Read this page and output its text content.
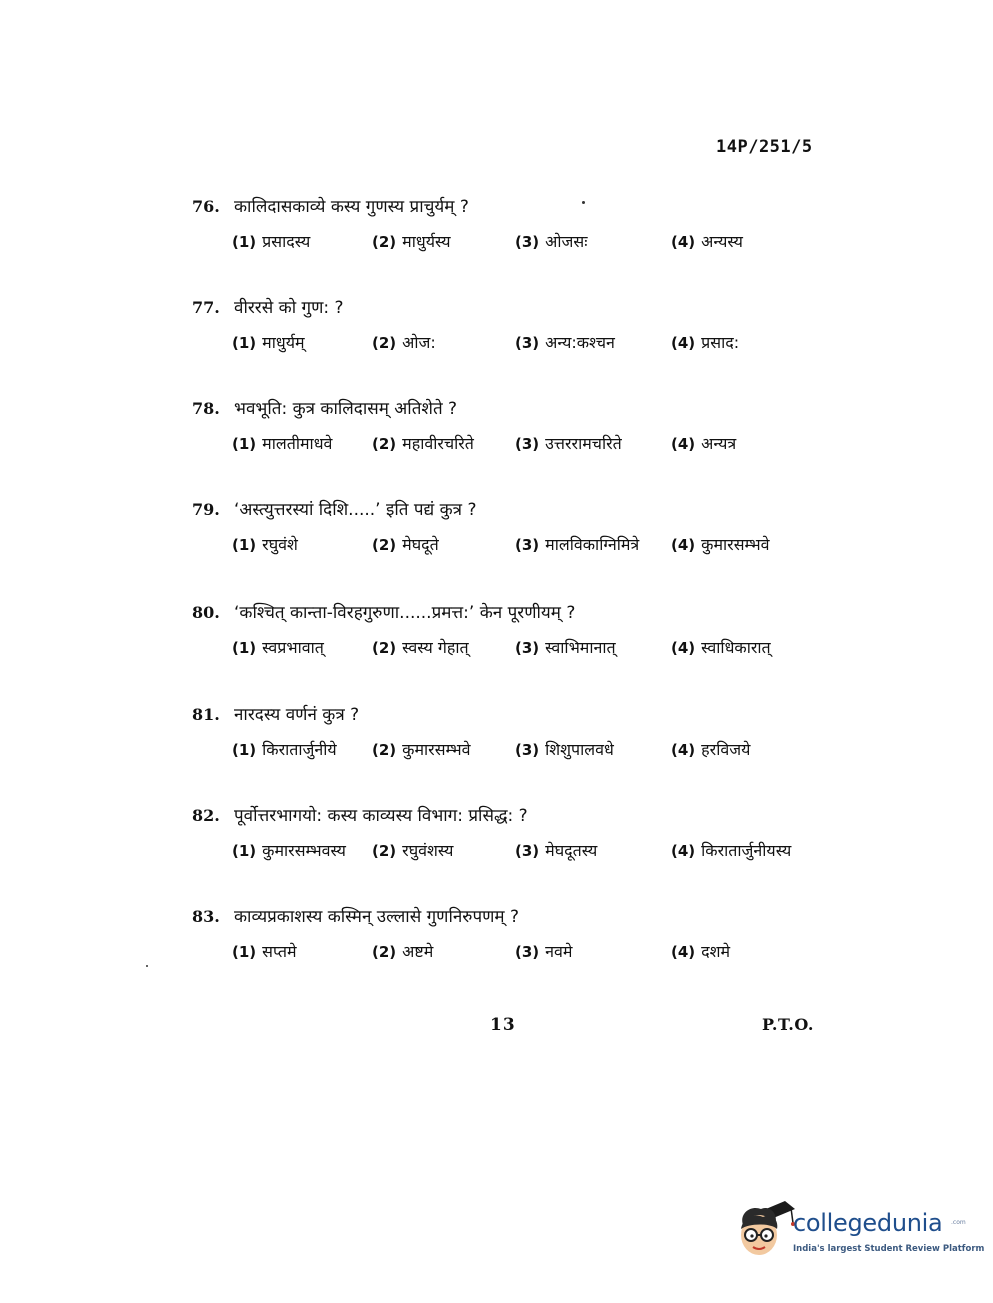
14P/251/5
76. कालिदासकाव्ये कस्य गुणस्य प्राचुर्यम् ?
(1) प्रसादस्य	(2) माधुर्यस्य	(3) ओजसः	(4) अन्यस्य
77. वीररसे को गुण: ?
(1) माधुर्यम्	(2) ओज:	(3) अन्य:कश्चन	(4) प्रसाद:
78. भवभूति: कुत्र कालिदासम् अतिशेते ?
(1) मालतीमाधवे	(2) महावीरचरिते	(3) उत्तररामचरिते	(4) अन्यत्र
79. ‘अस्त्युत्तरस्यां दिशि.....’ इति पद्यं कुत्र ?
(1) रघुवंशे	(2) मेघदूते	(3) मालविकाग्निमित्रे (4) कुमारसम्भवे
80. ‘कश्चित् कान्ता-विरहगुरुणा......प्रमत्त:’ केन पूरणीयम् ?
(1) स्वप्रभावात्	(2) स्वस्य गेहात्	(3) स्वाभिमानात्	(4) स्वाधिकारात्
81. नारदस्य वर्णनं कुत्र ?
(1) किरातार्जुनीये (2) कुमारसम्भवे	(3) शिशुपालवधे	(4) हरविजये
82. पूर्वोत्तरभागयो: कस्य काव्यस्य विभाग: प्रसिद्ध: ?
(1) कुमारसम्भवस्य (2) रघुवंशस्य	(3) मेघदूतस्य	(4) किरातार्जुनीयस्य
83. काव्यप्रकाशस्य कस्मिन् उल्लासे गुणनिरुपणम् ?
(1) सप्तमे	(2) अष्टमे	(3) नवमे	(4) दशमे
13	P.T.O.
collegedunia .com
India's largest Student Review Platform
